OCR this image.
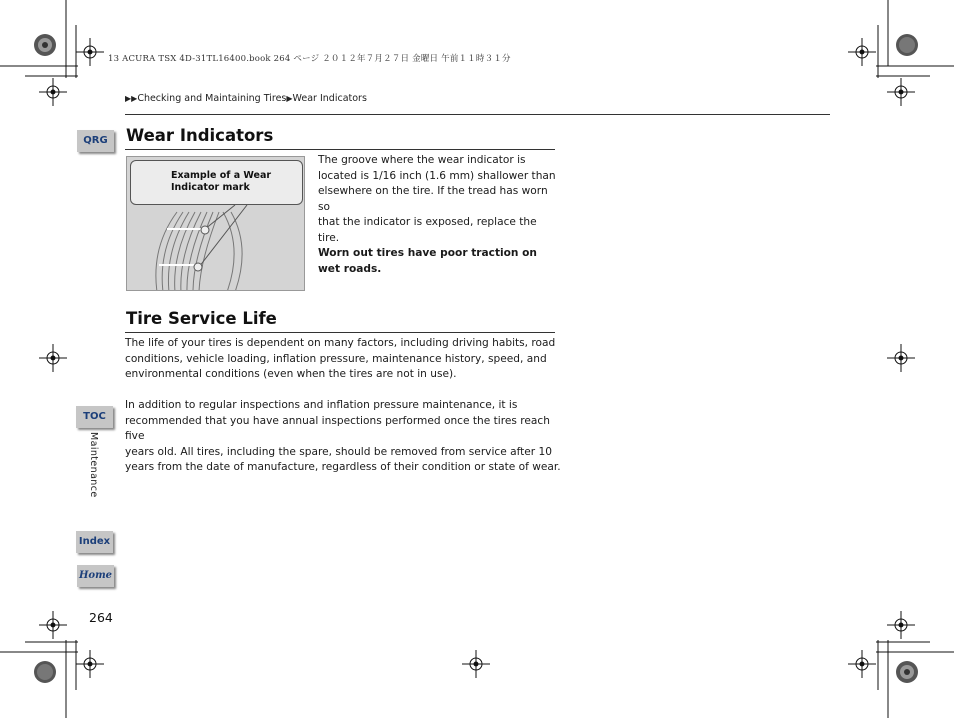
13 ACURA TSX 4D-31TL16400.book 264 ページ ２０１２年７月２７日 金曜日 午前１１時３１分
▶▶Checking and Maintaining Tires▶Wear Indicators
QRG
TOC
Maintenance
Index
Home
264
Wear Indicators
Example of a Wear
Indicator mark
The groove where the wear indicator is
located is 1/16 inch (1.6 mm) shallower than
elsewhere on the tire. If the tread has worn so
that the indicator is exposed, replace the tire.
Worn out tires have poor traction on
wet roads.
Tire Service Life
The life of your tires is dependent on many factors, including driving habits, road
conditions, vehicle loading, inflation pressure, maintenance history, speed, and
environmental conditions (even when the tires are not in use).
In addition to regular inspections and inflation pressure maintenance, it is
recommended that you have annual inspections performed once the tires reach five
years old. All tires, including the spare, should be removed from service after 10
years from the date of manufacture, regardless of their condition or state of wear.
